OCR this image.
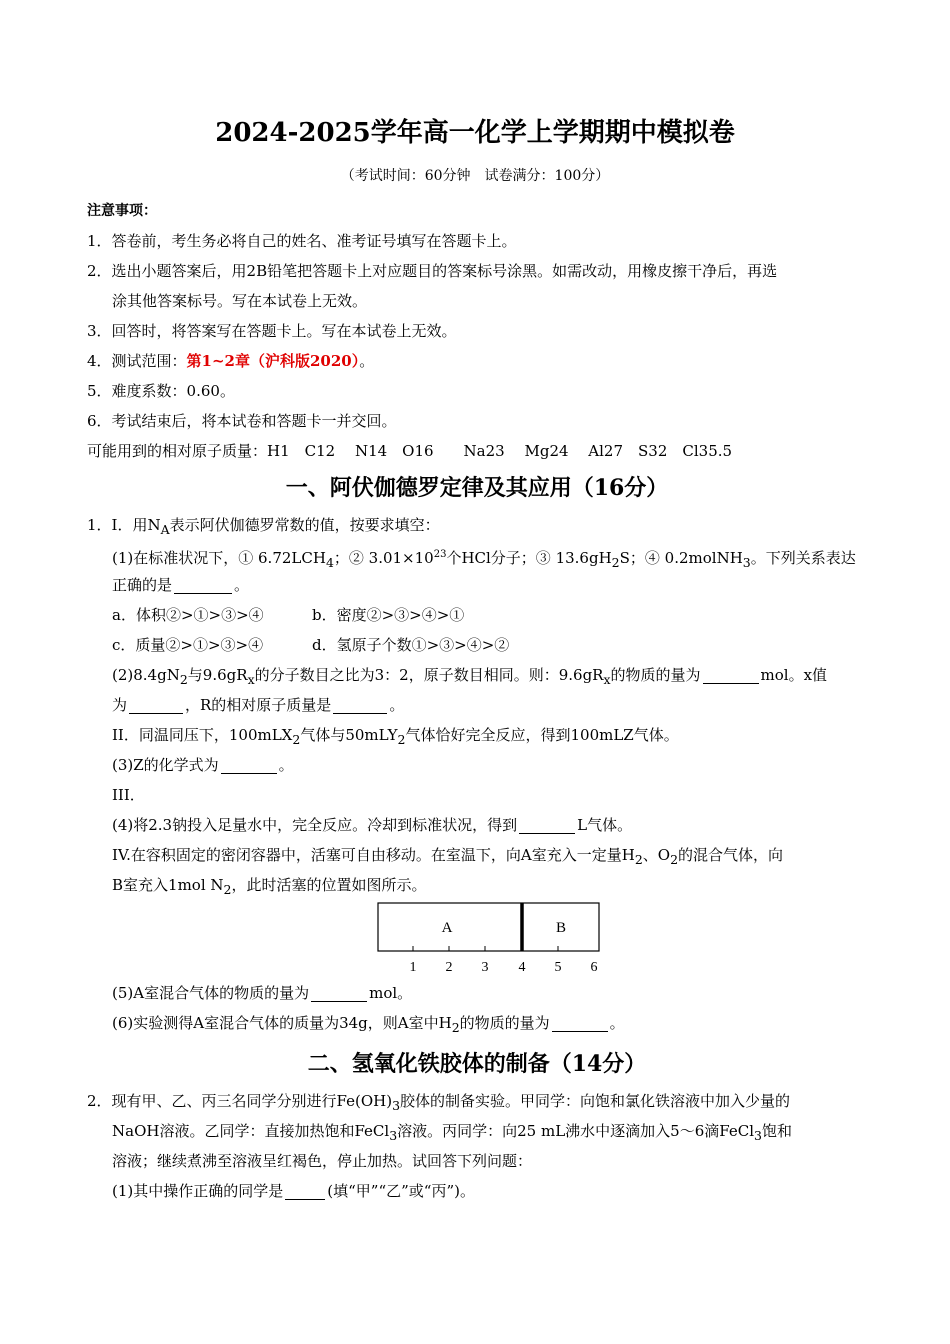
2024-2025学年高一化学上学期期中模拟卷
（考试时间：60分钟　试卷满分：100分）
注意事项：
1．答卷前，考生务必将自己的姓名、准考证号填写在答题卡上。
2．选出小题答案后，用2B铅笔把答题卡上对应题目的答案标号涂黑。如需改动，用橡皮擦干净后，再选
涂其他答案标号。写在本试卷上无效。
3．回答时，将答案写在答题卡上。写在本试卷上无效。
4．测试范围：第1~2章（沪科版2020）。
5．难度系数：0.60。
6．考试结束后，将本试卷和答题卡一并交回。
可能用到的相对原子质量：H1　C12　 N14　O16　　Na23　 Mg24　 Al27　S32　Cl35.5
一、阿伏伽德罗定律及其应用（16分）
1．I．用$N_A$表示阿伏伽德罗常数的值，按要求填空：
(1)在标准状况下，① $6.72LCH_4$；② $3.01\times 10^{23}$个HCl分子；③ $13.6gH_2S$；④ 0.2molNH$_3$。下列关系表达
正确的是	。
a．体积②>①>③>④	b．密度②>③>④>①
c．质量②>①>③>④	d．氢原子个数①>③>④>②
$(2)8.4gN_2$与$9.6gR_x$的分子数目之比为3：2，原子数目相同。则：$9.6gR_x$的物质的量为	mol。x值
为	，R的相对原子质量是	。
II．同温同压下，100mLX$_2$气体与50mLY$_2$气体恰好完全反应，得到100mLZ气体。
(3)Z的化学式为	。
III．
(4)将2.3钠投入足量水中，完全反应。冷却到标准状况，得到	L气体。
IV.在容积固定的密闭容器中，活塞可自由移动。在室温下，向A室充入一定量$H_2$、$O_2$的混合气体，向
B室充入1mol $N_2$，此时活塞的位置如图所示。
A	B
1 2 3 4 5 6
(5)A室混合气体的物质的量为	mol。
(6)实验测得A室混合气体的质量为34g，则A室中$H_2$的物质的量为	。
二、氢氧化铁胶体的制备（14分）
2．现有甲、乙、丙三名同学分别进行$Fe(OH)_3$胶体的制备实验。甲同学：向饱和氯化铁溶液中加入少量的
NaOH溶液。乙同学：直接加热饱和FeCl$_3$溶液。丙同学：向25 mL沸水中逐滴加入5～6滴FeCl$_3$饱和
溶液；继续煮沸至溶液呈红褐色，停止加热。试回答下列问题：
(1)其中操作正确的同学是	(填“甲”“乙”或“丙”)。
